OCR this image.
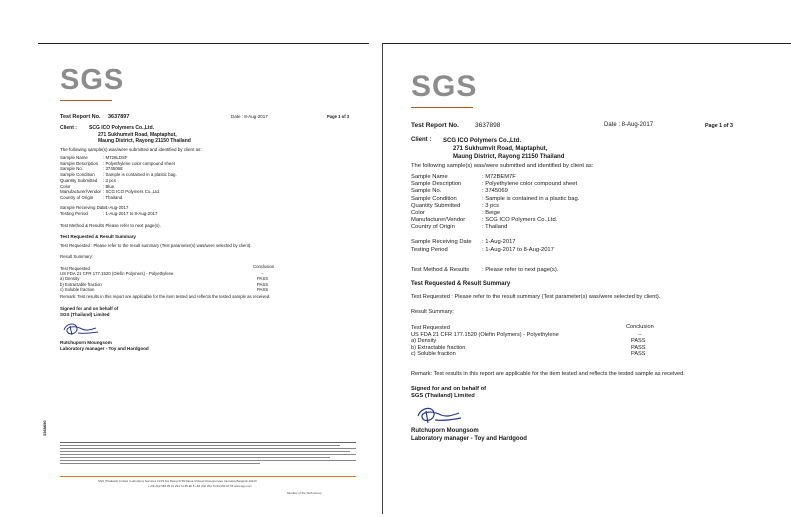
SGS
Test Report No. 3637897	Date : 8-Aug-2017	Page 1 of 3
Client : SCG ICO Polymers Co.,Ltd.
271 Sukhumvit Road, Maptaphut,
Maung District, Rayong 21150 Thailand
The following sample(s) was/were submitted and identified by client as:
Sample Name	: M728LDSF
Sample Description : Polyethylene color compound sheet
Sample No.	: 3745068
Sample Condition : Sample is contained in a plastic bag.
Quantity Submitted : 3 pcs
Color	: Blue
Manufacturer/Vendor : SCG ICO Polymers Co.,Ltd.
Country of Origin : Thailand
Sample Receiving Date: 1-Aug-2017
Testing Period	: 1-Aug-2017 to 8-Aug-2017
Test Method & Results: Please refer to next page(s).
Test Requested & Result Summary
Test Requested : Please refer to the result summary (Test parameter(s) was/were selected by client).
Result Summary:
Test Requested	Conclusion
US FDA 21 CFR 177.1520 (Olefin Polymers) - Polyethylene	--
a) Density	PASS
b) Extractable fraction	PASS
c) Soluble fraction	PASS
Remark: Test results in this report are applicable for the item tested and reflects the tested sample as received.
Signed for and on behalf of
SGS (Thailand) Limited
Rutchuporn Moungsom
Laboratory manager - Toy and Hardgood
3368650
SGS (Thailand) Limited | Laboratory Services 41/23 Soi Rama III 59 Rama III Road Chongnonsee Yannawa Bangkok 10120
t +66 (0)2 683 05 41 294 74 85-90 8 +66 (0)2 294 74 84 683 07 56 www.sgs.com
Member of the SGS Group
SGS
Test Report No. 3637898	Date : 8-Aug-2017	Page 1 of 3
Client : SCG ICO Polymers Co.,Ltd.
271 Sukhumvit Road, Maptaphut,
Maung District, Rayong 21150 Thailand
The following sample(s) was/were submitted and identified by client as:
Sample Name	: M72BEM7F
Sample Description	: Polyethylene color compound sheet
Sample No.	: 3745069
Sample Condition	: Sample is contained in a plastic bag.
Quantity Submitted	: 3 pcs
Color	: Beige
Manufacturer/Vendor	: SCG ICO Polymers Co.,Ltd.
Country of Origin	: Thailand
Sample Receiving Date : 1-Aug-2017
Testing Period	: 1-Aug-2017 to 8-Aug-2017
Test Method & Results : Please refer to next page(s).
Test Requested & Result Summary
Test Requested : Please refer to the result summary (Test parameter(s) was/were selected by client).
Result Summary:
Test Requested	Conclusion
US FDA 21 CFR 177.1520 (Olefin Polymers) - Polyethylene	--
a) Density	PASS
b) Extractable fraction	PASS
c) Soluble fraction	PASS
Remark: Test results in this report are applicable for the item tested and reflects the tested sample as received.
Signed for and on behalf of
SGS (Thailand) Limited
Rutchuporn Moungsom
Laboratory manager - Toy and Hardgood
